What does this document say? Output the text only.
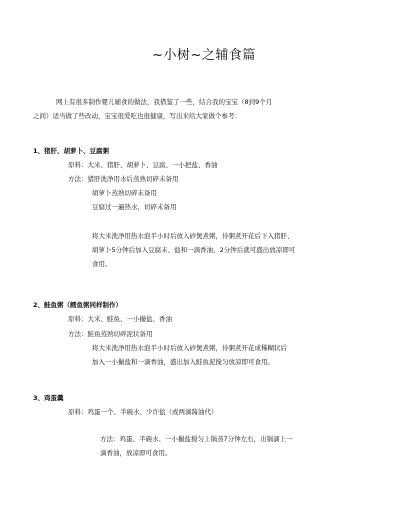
~小树~之辅食篇
网上有很多制作婴儿辅食的做法，我借鉴了一些，结合我的宝宝（8到9个月
之间）适当做了些改动，宝宝很爱吃也很健康，写出来给大家做个参考：
1、猪肝、胡萝卜、豆腐粥
原料：大米、猪肝、胡萝卜、豆腐、一小把盐、香油
方法：猪肝洗净用水后蒸熟切碎末备用
胡萝卜蒸熟切碎末备用
豆腐过一遍热水，切碎末备用
将大米洗净用热水泡半小时后放入砂煲煮粥，待粥煮开花后下入猪肝、
胡萝卜5分钟后加入豆腐末、盐和一滴香油，2分钟后就可盛出放凉即可
食用。
2、鲑鱼粥（鳕鱼粥同样制作）
原料：大米、鲑鱼、一小撮盐、香油
方法：鲑鱼蒸熟切碎泥状备用
将大米洗净用热水泡半小时后放入砂煲煮粥，待粥煮开花成稀糊状后
加入一小撮盐和一滴香油，盛出加入鲑鱼泥搅匀放凉即可食用。
3、鸡蛋羹
原料：鸡蛋一个、半碗水、少许盐（或两滴酱油代）
方法：鸡蛋、半碗水、一小撮盐搅匀上锅蒸7分钟左右，出锅滴上一
滴香油，放凉即可食用。
